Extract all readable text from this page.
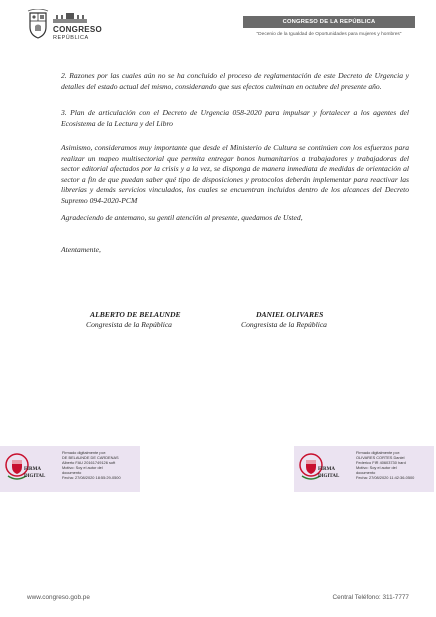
CONGRESO
REPÚBLICA
CONGRESO DE LA REPÚBLICA
"Decenio de la Igualdad de Oportunidades para mujeres y hombres"
2. Razones por las cuales aún no se ha concluido el proceso de reglamentación de este Decreto de Urgencia y detalles del estado actual del mismo, considerando que sus efectos culminan en octubre del presente año.
3. Plan de articulación con el Decreto de Urgencia 058-2020 para impulsar y fortalecer a los agentes del Ecosistema de la Lectura y del Libro
Asimismo, consideramos muy importante que desde el Ministerio de Cultura se continúen con los esfuerzos para realizar un mapeo multisectorial que permita entregar bonos humanitarios a trabajadores y trabajadoras del sector editorial afectados por la crisis y a la vez, se disponga de manera inmediata de medidas de orientación al sector a fin de que puedan saber qué tipo de disposiciones y protocolos deberán implementar para reactivar las librerías y demás servicios vinculados, los cuales se encuentran incluidos dentro de los alcances del Decreto Supremo 094-2020-PCM
Agradeciendo de antemano, su gentil atención al presente, quedamos de Usted,
Atentamente,
ALBERTO DE BELAUNDE
Congresista de la República
DANIEL OLIVARES
Congresista de la República
FIRMA
DIGITAL
Firmado digitalmente por:
DE BELAUNDE DE CARDENAS
Alberto FAU 20161749126 soft
Motivo: Soy el autor del
documento
Fecha: 27/08/2020 18:55:29-0500
FIRMA
DIGITAL
Firmado digitalmente por:
OLIVARES CORTES Daniel
Federico FIR 40603730 hard
Motivo: Soy el autor del
documento
Fecha: 27/08/2020 11:42:36-0500
www.congreso.gob.pe	Central Teléfono: 311-7777
